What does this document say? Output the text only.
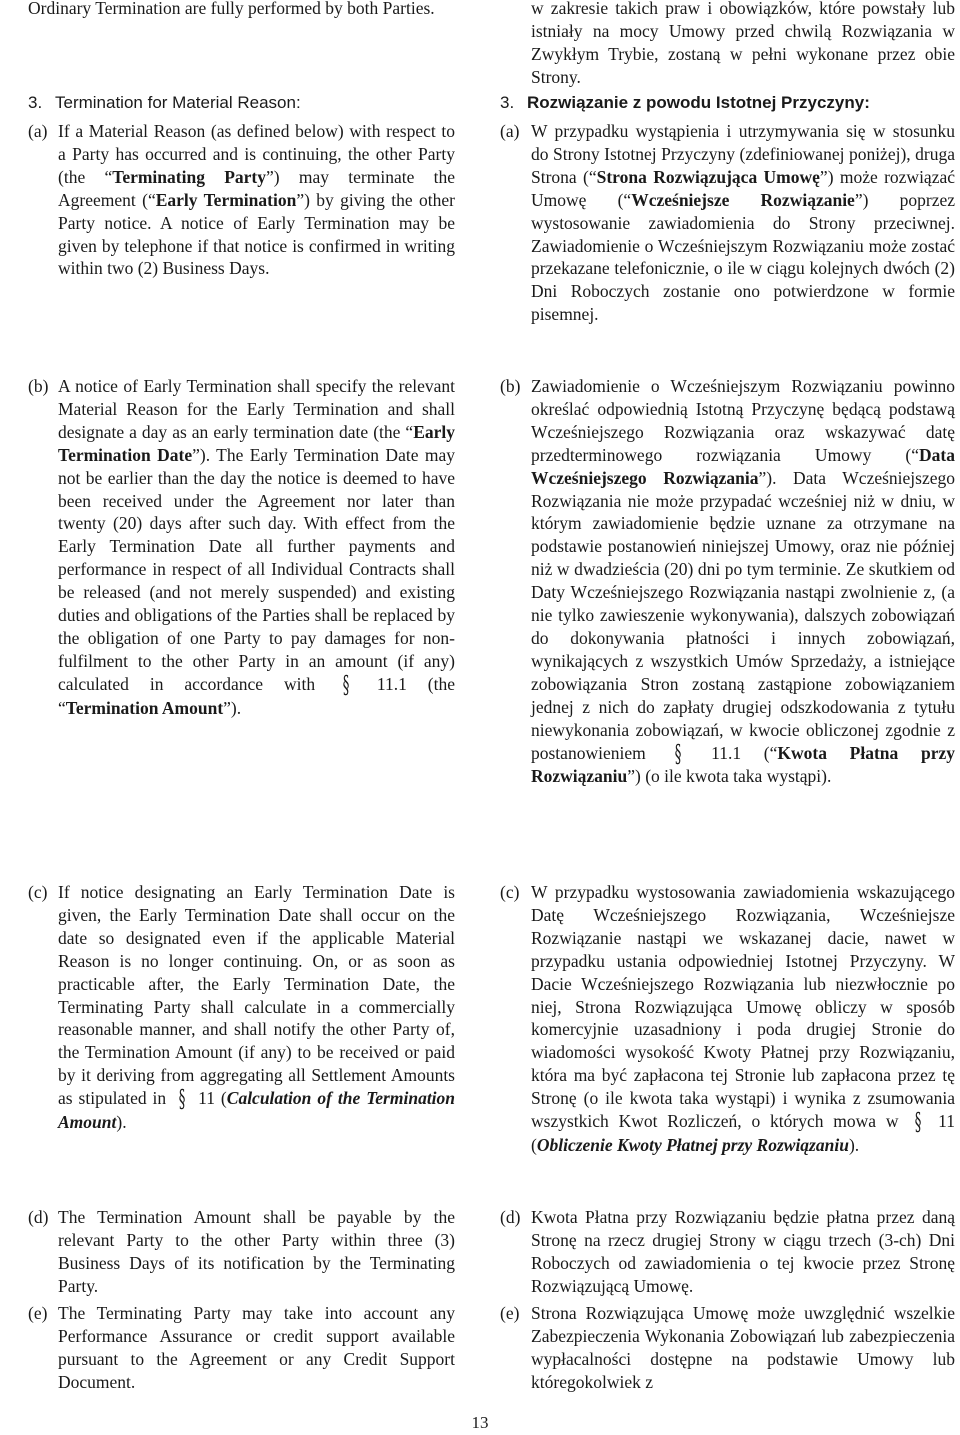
Ordinary Termination are fully performed by both Parties.
3. Termination for Material Reason:
(a) If a Material Reason (as defined below) with respect to a Party has occurred and is continuing, the other Party (the “Terminating Party”) may terminate the Agreement (“Early Termination”) by giving the other Party notice. A notice of Early Termination may be given by telephone if that notice is confirmed in writing within two (2) Business Days.
(b) A notice of Early Termination shall specify the relevant Material Reason for the Early Termination and shall designate a day as an early termination date (the “Early Termination Date”). The Early Termination Date may not be earlier than the day the notice is deemed to have been received under the Agreement nor later than twenty (20) days after such day. With effect from the Early Termination Date all further payments and performance in respect of all Individual Contracts shall be released (and not merely suspended) and existing duties and obligations of the Parties shall be replaced by the obligation of one Party to pay damages for non-fulfilment to the other Party in an amount (if any) calculated in accordance with § 11.1 (the “Termination Amount”).
(c) If notice designating an Early Termination Date is given, the Early Termination Date shall occur on the date so designated even if the applicable Material Reason is no longer continuing. On, or as soon as practicable after, the Early Termination Date, the Terminating Party shall calculate in a commercially reasonable manner, and shall notify the other Party of, the Termination Amount (if any) to be received or paid by it deriving from aggregating all Settlement Amounts as stipulated in § 11 (Calculation of the Termination Amount).
(d) The Termination Amount shall be payable by the relevant Party to the other Party within three (3) Business Days of its notification by the Terminating Party.
(e) The Terminating Party may take into account any Performance Assurance or credit support available pursuant to the Agreement or any Credit Support Document.
w zakresie takich praw i obowiązków, które powstały lub istniały na mocy Umowy przed chwilą Rozwiązania w Zwykłym Trybie, zostaną w pełni wykonane przez obie Strony.
3. Rozwiązanie z powodu Istotnej Przyczyny:
(a) W przypadku wystąpienia i utrzymywania się w stosunku do Strony Istotnej Przyczyny (zdefiniowanej poniżej), druga Strona (“Strona Rozwiązująca Umowę”) może rozwiązać Umowę (“Wcześniejsze Rozwiązanie”) poprzez wystosowanie zawiadomienia do Strony przeciwnej. Zawiadomienie o Wcześniejszym Rozwiązaniu może zostać przekazane telefonicznie, o ile w ciągu kolejnych dwóch (2) Dni Roboczych zostanie ono potwierdzone w formie pisemnej.
(b) Zawiadomienie o Wcześniejszym Rozwiązaniu powinno określać odpowiednią Istotną Przyczynę będącą podstawą Wcześniejszego Rozwiązania oraz wskazywać datę przedterminowego rozwiązania Umowy (“Data Wcześniejszego Rozwiązania”). Data Wcześniejszego Rozwiązania nie może przypadać wcześniej niż w dniu, w którym zawiadomienie będzie uznane za otrzymane na podstawie postanowień niniejszej Umowy, oraz nie później niż w dwadzieścia (20) dni po tym terminie. Ze skutkiem od Daty Wcześniejszego Rozwiązania nastąpi zwolnienie z, (a nie tylko zawieszenie wykonywania), dalszych zobowiązań do dokonywania płatności i innych zobowiązań, wynikających z wszystkich Umów Sprzedaży, a istniejące zobowiązania Stron zostaną zastąpione zobowiązaniem jednej z nich do zapłaty drugiej odszkodowania z tytułu niewykonania zobowiązań, w kwocie obliczonej zgodnie z postanowieniem § 11.1 (“Kwota Płatna przy Rozwiązaniu”) (o ile kwota taka wystąpi).
(c) W przypadku wystosowania zawiadomienia wskazującego Datę Wcześniejszego Rozwiązania, Wcześniejsze Rozwiązanie nastąpi we wskazanej dacie, nawet w przypadku ustania odpowiedniej Istotnej Przyczyny. W Dacie Wcześniejszego Rozwiązania lub niezwłocznie po niej, Strona Rozwiązująca Umowę obliczy w sposób komercyjnie uzasadniony i poda drugiej Stronie do wiadomości wysokość Kwoty Płatnej przy Rozwiązaniu, która ma być zapłacona tej Stronie lub zapłacona przez tę Stronę (o ile kwota taka wystąpi) i wynika z zsumowania wszystkich Kwot Rozliczeń, o których mowa w § 11 (Obliczenie Kwoty Płatnej przy Rozwiązaniu).
(d) Kwota Płatna przy Rozwiązaniu będzie płatna przez daną Stronę na rzecz drugiej Strony w ciągu trzech (3-ch) Dni Roboczych od zawiadomienia o tej kwocie przez Stronę Rozwiązującą Umowę.
(e) Strona Rozwiązująca Umowę może uwzględnić wszelkie Zabezpieczenia Wykonania Zobowiązań lub zabezpieczenia wypłacalności dostępne na podstawie Umowy lub któregokolwiek z
13
